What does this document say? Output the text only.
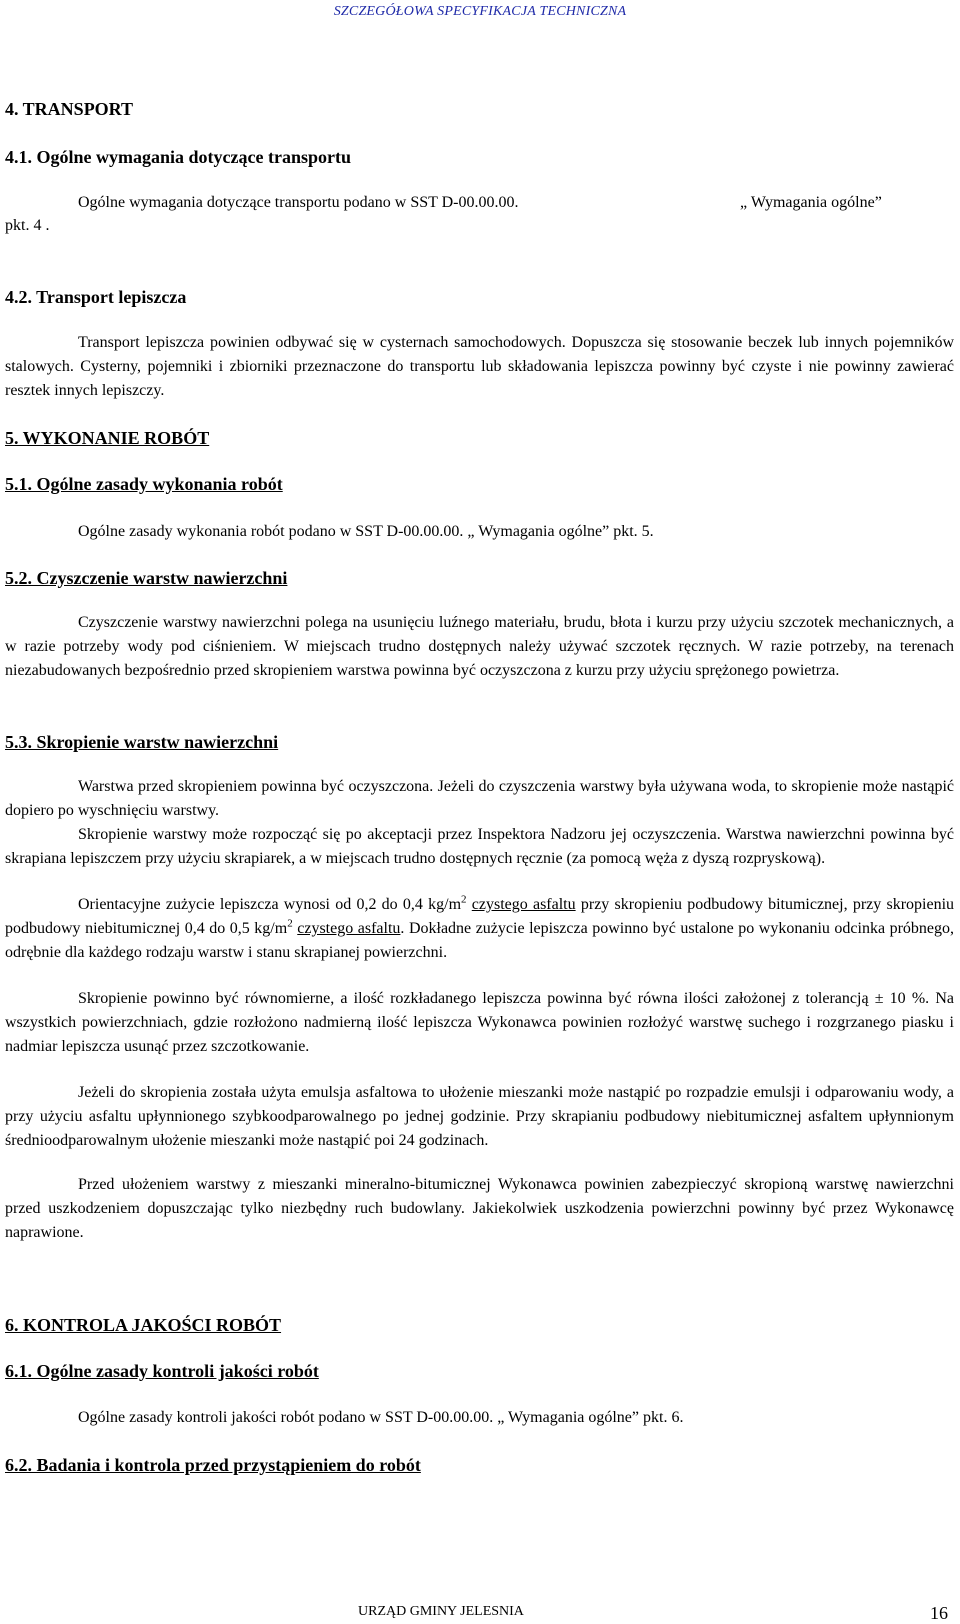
SZCZEGÓŁOWA SPECYFIKACJA TECHNICZNA
4. TRANSPORT
4.1. Ogólne wymagania dotyczące transportu
Ogólne wymagania dotyczące transportu podano w SST D-00.00.00.	„ Wymagania ogólne”
pkt. 4 .
4.2. Transport lepiszcza
Transport lepiszcza powinien odbywać się w cysternach samochodowych. Dopuszcza się stosowanie beczek lub innych pojemników stalowych. Cysterny, pojemniki i zbiorniki przeznaczone do transportu lub składowania lepiszcza powinny być czyste i nie powinny zawierać resztek innych lepiszczy.
5. WYKONANIE ROBÓT
5.1. Ogólne zasady wykonania robót
Ogólne zasady wykonania robót podano w SST D-00.00.00. „ Wymagania ogólne” pkt. 5.
5.2. Czyszczenie warstw nawierzchni
Czyszczenie warstwy nawierzchni polega na usunięciu luźnego materiału, brudu, błota i kurzu przy użyciu szczotek mechanicznych, a w razie potrzeby wody pod ciśnieniem. W miejscach trudno dostępnych należy używać szczotek ręcznych. W razie potrzeby, na terenach niezabudowanych bezpośrednio przed skropieniem warstwa powinna być oczyszczona z kurzu przy użyciu sprężonego powietrza.
5.3. Skropienie warstw nawierzchni
Warstwa przed skropieniem powinna być oczyszczona. Jeżeli do czyszczenia warstwy była używana woda, to skropienie może nastąpić dopiero po wyschnięciu warstwy.
Skropienie warstwy może rozpocząć się po akceptacji przez Inspektora Nadzoru jej oczyszczenia. Warstwa nawierzchni powinna być skrapiana lepiszczem przy użyciu skrapiarek, a w miejscach trudno dostępnych ręcznie (za pomocą węża z dyszą rozpryskową).
Orientacyjne zużycie lepiszcza wynosi od 0,2 do 0,4 $kg/m^2$ czystego asfaltu przy skropieniu podbudowy bitumicznej, przy skropieniu podbudowy niebitumicznej 0,4 do 0,5 $kg/m^2$ czystego asfaltu. Dokładne zużycie lepiszcza powinno być ustalone po wykonaniu odcinka próbnego, odrębnie dla każdego rodzaju warstw i stanu skrapianej powierzchni.
Skropienie powinno być równomierne, a ilość rozkładanego lepiszcza powinna być równa ilości założonej z tolerancją ± 10 %. Na wszystkich powierzchniach, gdzie rozłożono nadmierną ilość lepiszcza Wykonawca powinien rozłożyć warstwę suchego i rozgrzanego piasku i nadmiar lepiszcza usunąć przez szczotkowanie.
Jeżeli do skropienia została użyta emulsja asfaltowa to ułożenie mieszanki może nastąpić po rozpadzie emulsji i odparowaniu wody, a przy użyciu asfaltu upłynnionego szybkoodparowalnego po jednej godzinie. Przy skrapianiu podbudowy niebitumicznej asfaltem upłynnionym średnioodparowalnym ułożenie mieszanki może nastąpić poi 24 godzinach.
Przed ułożeniem warstwy z mieszanki mineralno-bitumicznej Wykonawca powinien zabezpieczyć skropioną warstwę nawierzchni przed uszkodzeniem dopuszczając tylko niezbędny ruch budowlany. Jakiekolwiek uszkodzenia powierzchni powinny być przez Wykonawcę naprawione.
6. KONTROLA JAKOŚCI ROBÓT
6.1. Ogólne zasady kontroli jakości robót
Ogólne zasady kontroli jakości robót podano w SST D-00.00.00. „ Wymagania ogólne” pkt. 6.
6.2. Badania i kontrola przed przystąpieniem do robót
URZĄD GMINY JELESNIA	16
